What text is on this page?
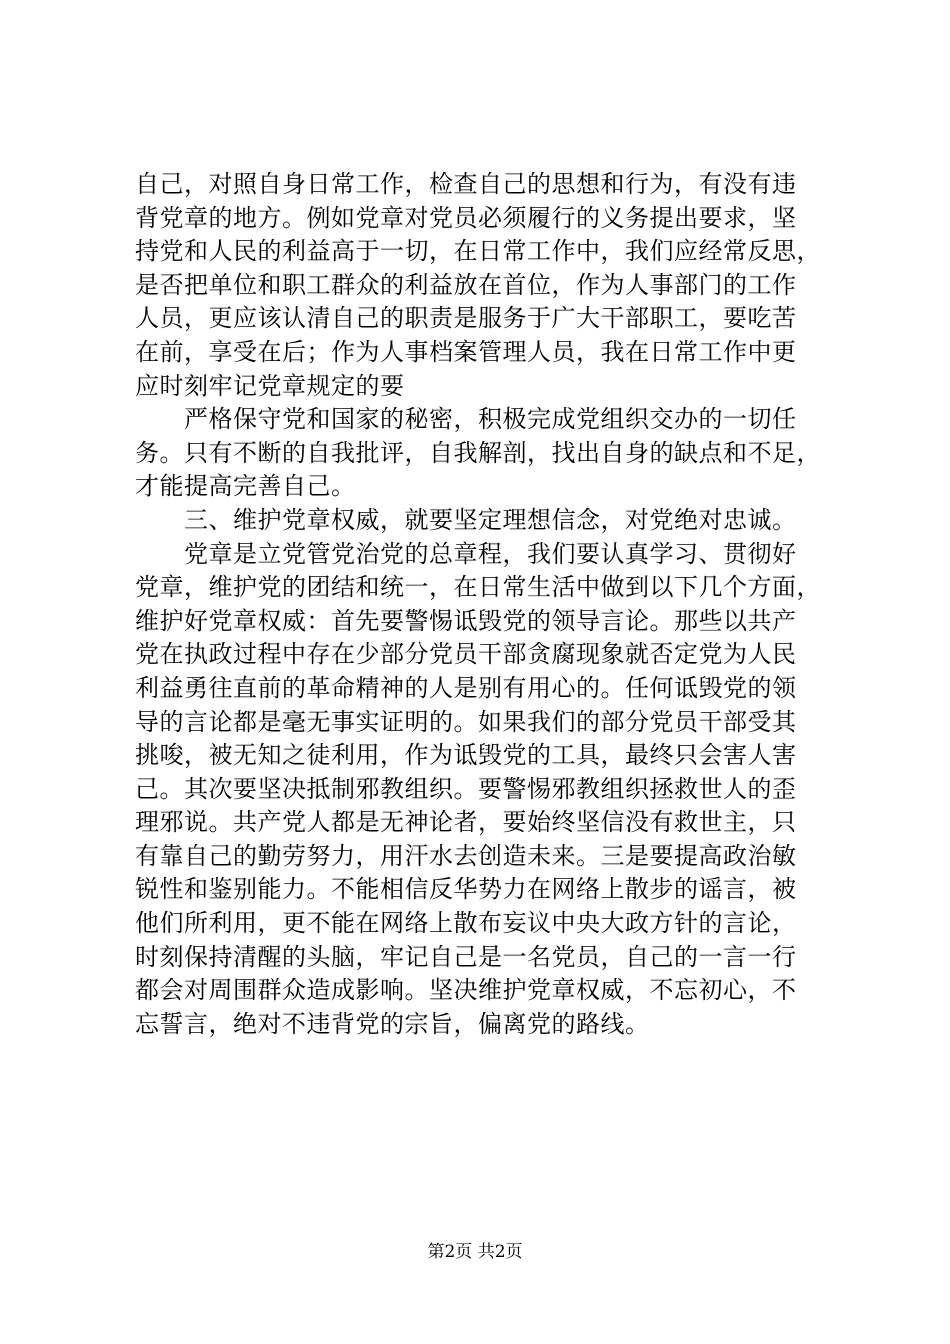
自己，对照自身日常工作，检查自己的思想和行为，有没有违
背党章的地方。例如党章对党员必须履行的义务提出要求，坚
持党和人民的利益高于一切，在日常工作中，我们应经常反思，
是否把单位和职工群众的利益放在首位，作为人事部门的工作
人员，更应该认清自己的职责是服务于广大干部职工，要吃苦
在前，享受在后；作为人事档案管理人员，我在日常工作中更
应时刻牢记党章规定的要
　　严格保守党和国家的秘密，积极完成党组织交办的一切任
务。只有不断的自我批评，自我解剖，找出自身的缺点和不足，
才能提高完善自己。
　　三、维护党章权威，就要坚定理想信念，对党绝对忠诚。
　　党章是立党管党治党的总章程，我们要认真学习、贯彻好
党章，维护党的团结和统一，在日常生活中做到以下几个方面，
维护好党章权威：首先要警惕诋毁党的领导言论。那些以共产
党在执政过程中存在少部分党员干部贪腐现象就否定党为人民
利益勇往直前的革命精神的人是别有用心的。任何诋毁党的领
导的言论都是毫无事实证明的。如果我们的部分党员干部受其
挑唆，被无知之徒利用，作为诋毁党的工具，最终只会害人害
己。其次要坚决抵制邪教组织。要警惕邪教组织拯救世人的歪
理邪说。共产党人都是无神论者，要始终坚信没有救世主，只
有靠自己的勤劳努力，用汗水去创造未来。三是要提高政治敏
锐性和鉴别能力。不能相信反华势力在网络上散步的谣言，被
他们所利用，更不能在网络上散布妄议中央大政方针的言论，
时刻保持清醒的头脑，牢记自己是一名党员，自己的一言一行
都会对周围群众造成影响。坚决维护党章权威，不忘初心，不
忘誓言，绝对不违背党的宗旨，偏离党的路线。
第2页 共2页
